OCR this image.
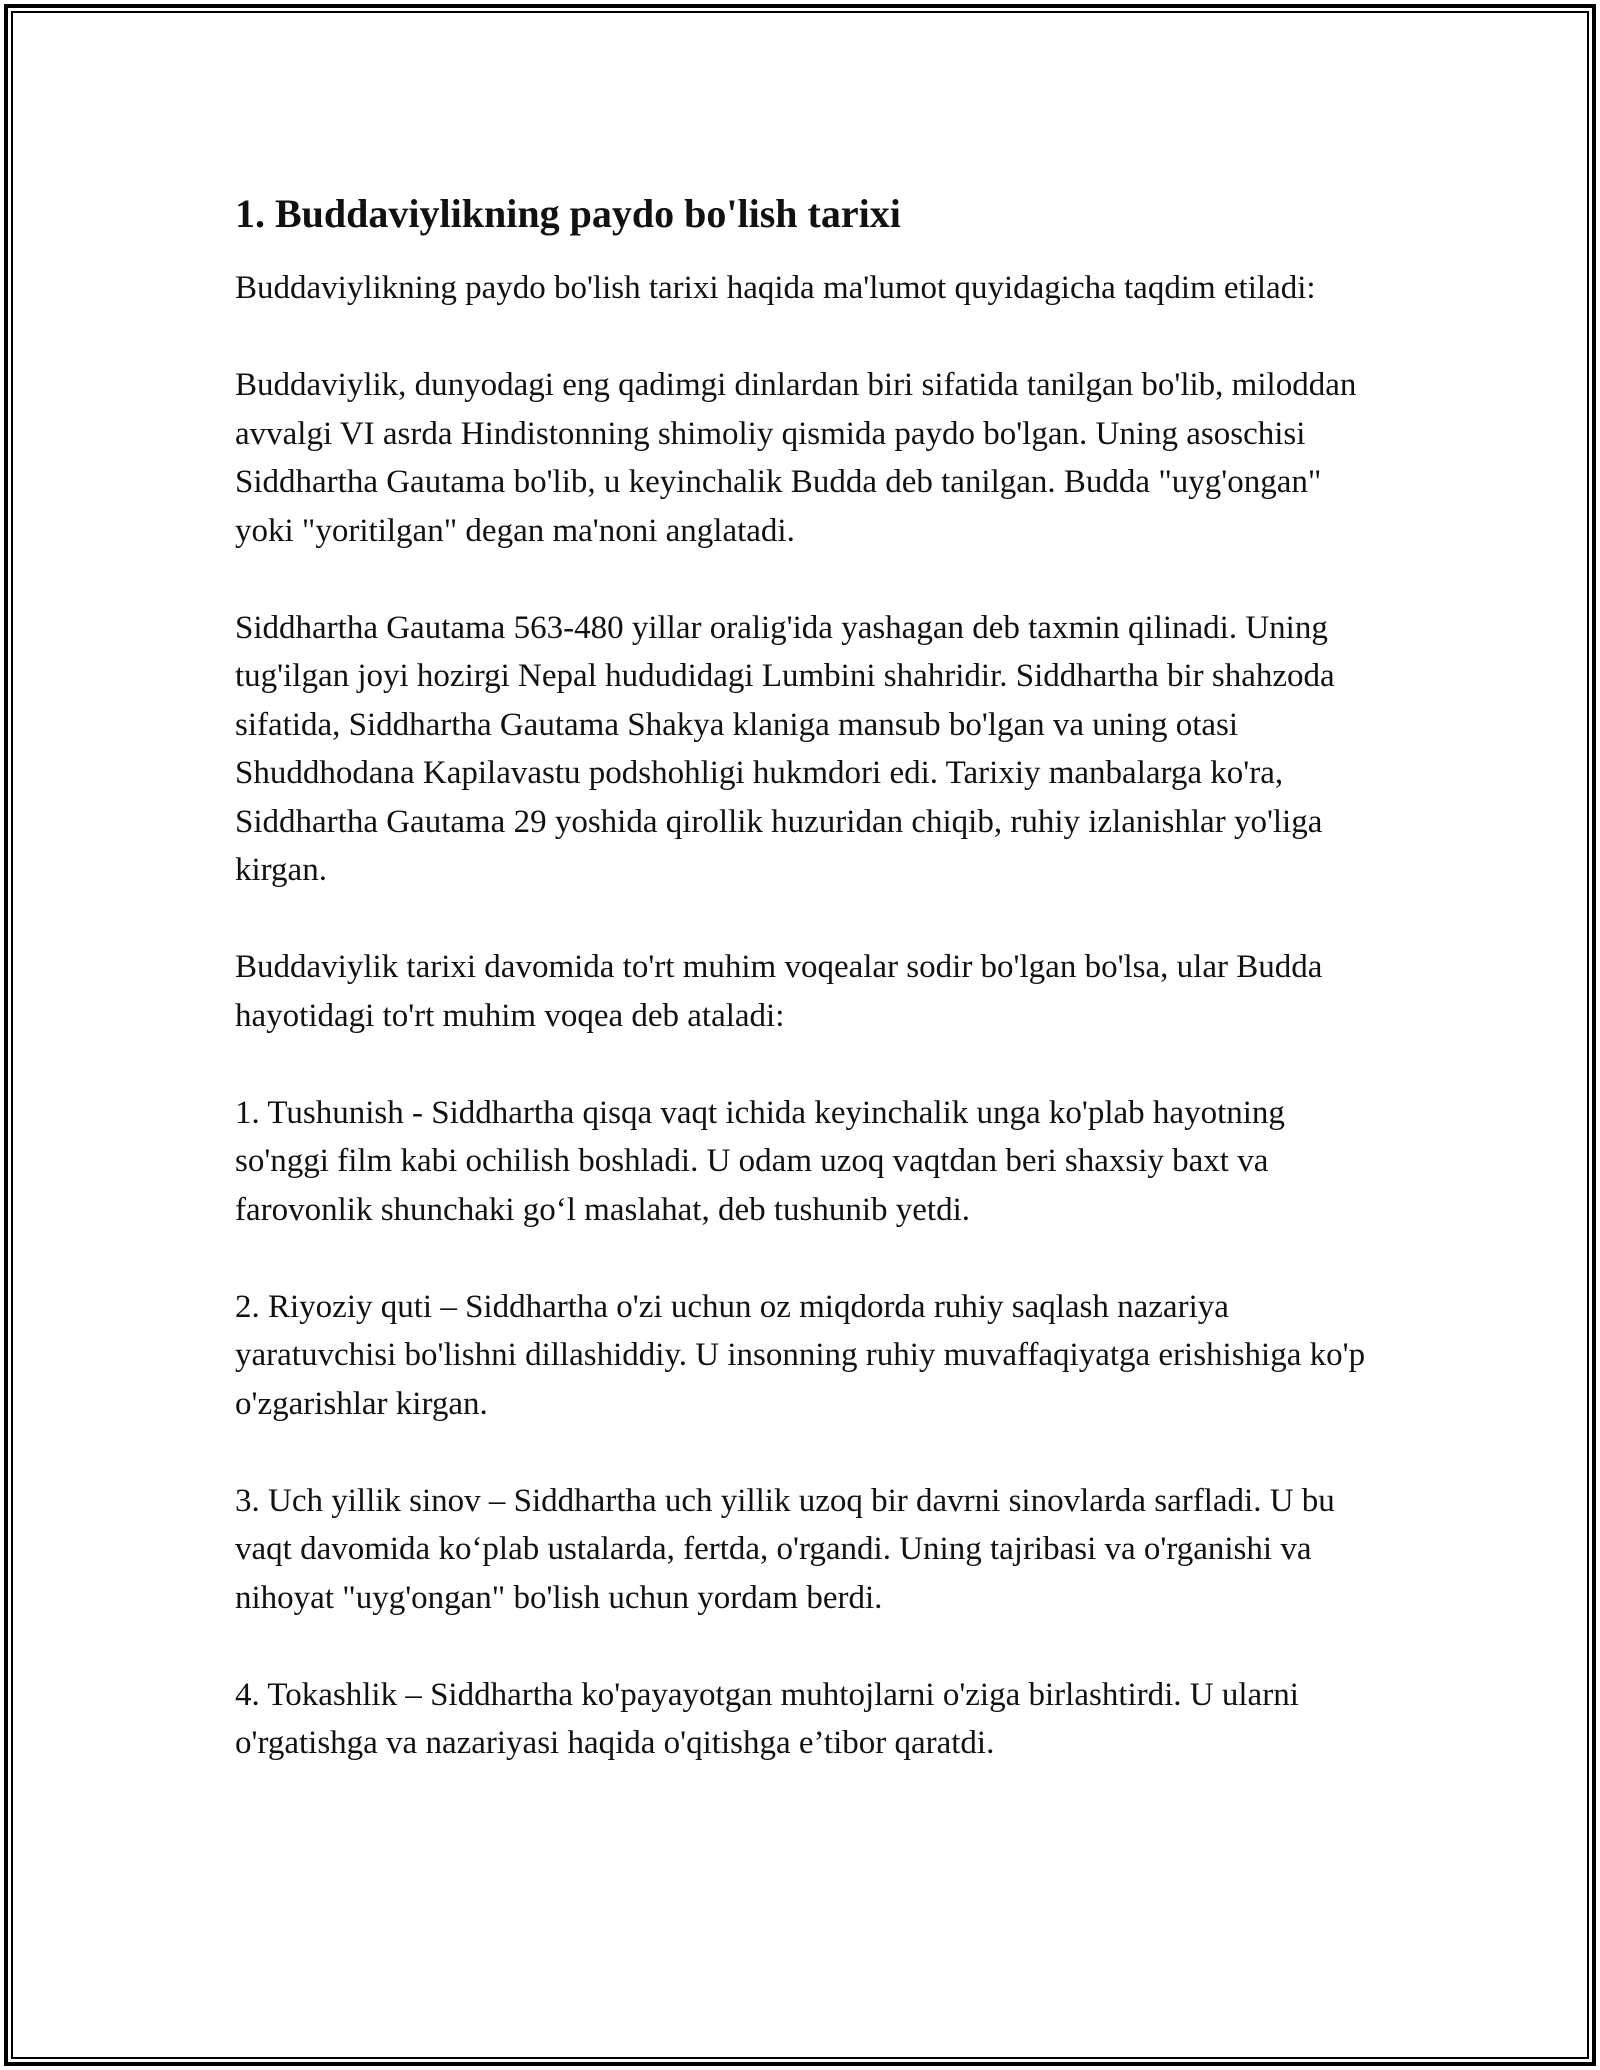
1. Buddaviylikning paydo bo'lish tarixi

Buddaviylikning paydo bo'lish tarixi haqida ma'lumot quyidagicha taqdim etiladi:

Buddaviylik, dunyodagi eng qadimgi dinlardan biri sifatida tanilgan bo'lib, miloddan avvalgi VI asrda Hindistonning shimoliy qismida paydo bo'lgan. Uning asoschisi Siddhartha Gautama bo'lib, u keyinchalik Budda deb tanilgan. Budda "uyg'ongan" yoki "yoritilgan" degan ma'noni anglatadi.

Siddhartha Gautama 563-480 yillar oralig'ida yashagan deb taxmin qilinadi. Uning tug'ilgan joyi hozirgi Nepal hududidagi Lumbini shahridir. Siddhartha bir shahzoda sifatida, Siddhartha Gautama Shakya klaniga mansub bo'lgan va uning otasi Shuddhodana Kapilavastu podshohligi hukmdori edi. Tarixiy manbalarga ko'ra, Siddhartha Gautama 29 yoshida qirollik huzuridan chiqib, ruhiy izlanishlar yo'liga kirgan.

Buddaviylik tarixi davomida to'rt muhim voqealar sodir bo'lgan bo'lsa, ular Budda hayotidagi to'rt muhim voqea deb ataladi:

1. Tushunish - Siddhartha qisqa vaqt ichida keyinchalik unga ko'plab hayotning so'nggi film kabi ochilish boshladi. U odam uzoq vaqtdan beri shaxsiy baxt va farovonlik shunchaki go‘l maslahat, deb tushunib yetdi.

2. Riyoziy quti – Siddhartha o'zi uchun oz miqdorda ruhiy saqlash nazariya yaratuvchisi bo'lishni dillashiddiy. U insonning ruhiy muvaffaqiyatga erishishiga ko'p o'zgarishlar kirgan.

3. Uch yillik sinov – Siddhartha uch yillik uzoq bir davrni sinovlarda sarfladi. U bu vaqt davomida ko‘plab ustalarda, fertda, o'rgandi. Uning tajribasi va o'rganishi va nihoyat "uyg'ongan" bo'lish uchun yordam berdi.

4. Tokashlik – Siddhartha ko'payayotgan muhtojlarni o'ziga birlashtirdi. U ularni o'rgatishga va nazariyasi haqida o'qitishga e’tibor qaratdi.
